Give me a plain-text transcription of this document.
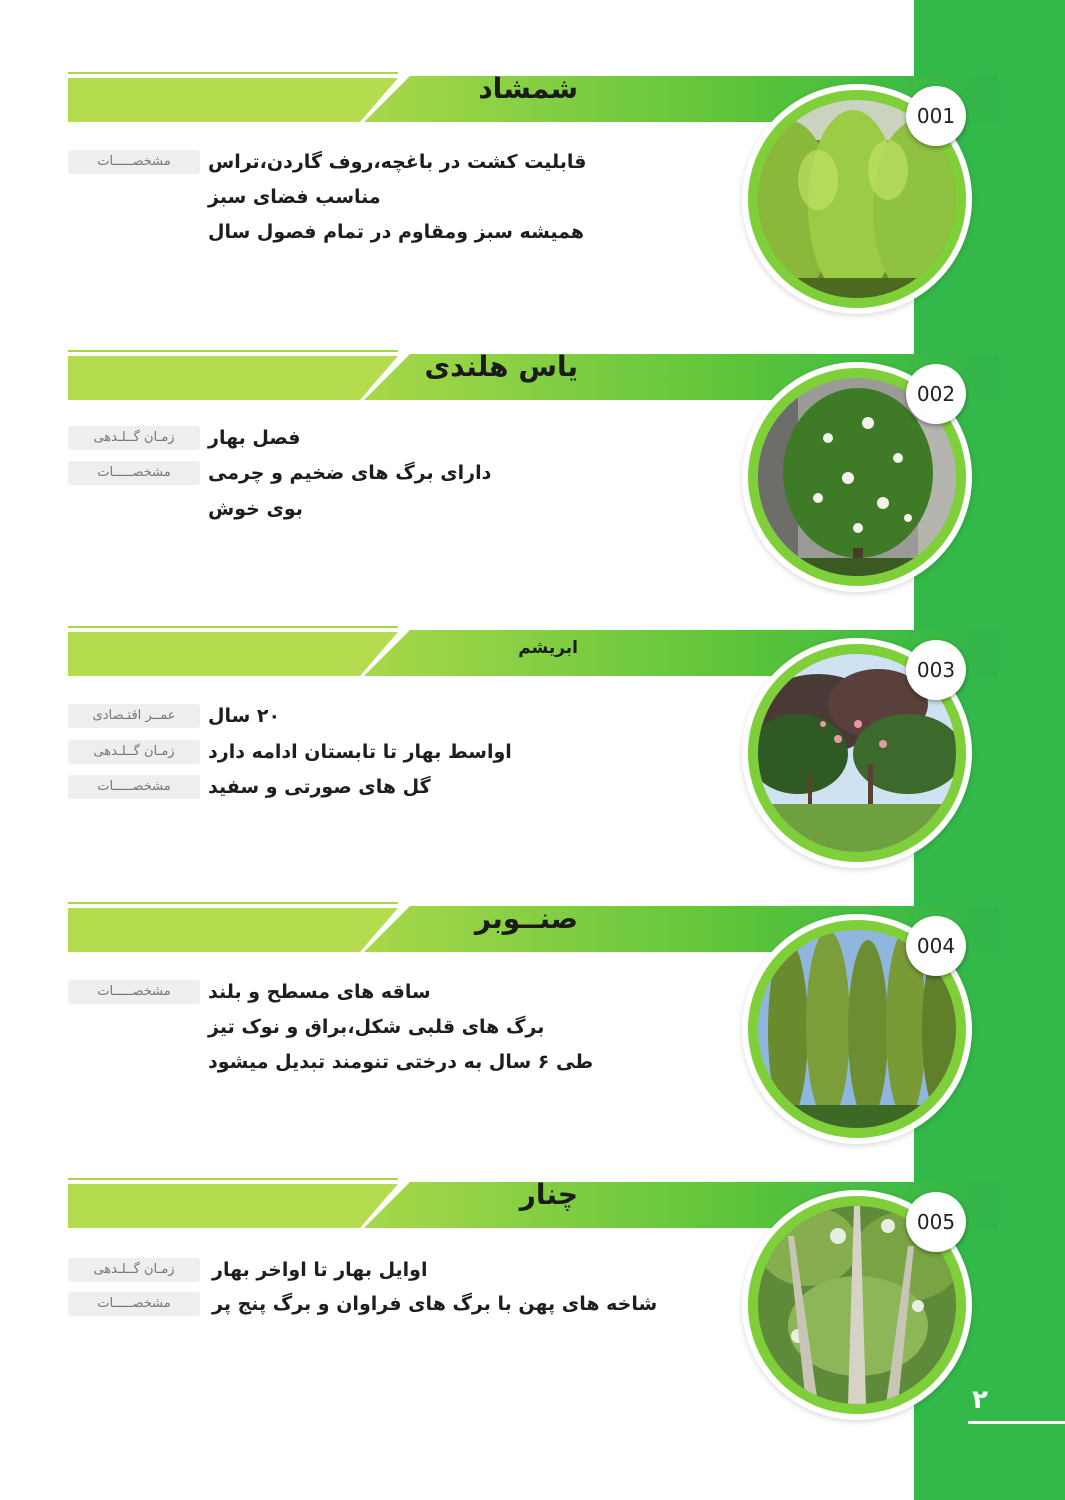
شمشاد
001
مشخصـــــات	قابلیت کشت در باغچه،روف گاردن،تراس
مناسب فضای سبز
همیشه سبز ومقاوم در تمام فصول سال
یاس هلندی
002
زمـان گــلـدهی	فصل بهار
مشخصـــــات	دارای برگ های ضخیم و چرمی
بوی خوش
ابریشم
003
عمــر اقتـصادی	۲۰ سال
زمـان گــلـدهی	اواسط بهار تا تابستان ادامه دارد
مشخصـــــات	گل های صورتی و سفید
صنــوبر
004
مشخصـــــات	ساقه های مسطح و بلند
برگ های قلبی شکل،براق و نوک تیز
طی ۶ سال به درختی تنومند تبدیل میشود
چنار
005
زمـان گــلـدهی	اوایل بهار تا اواخر بهار
مشخصـــــات	شاخه های پهن با برگ های فراوان و برگ پنج پر
۲
